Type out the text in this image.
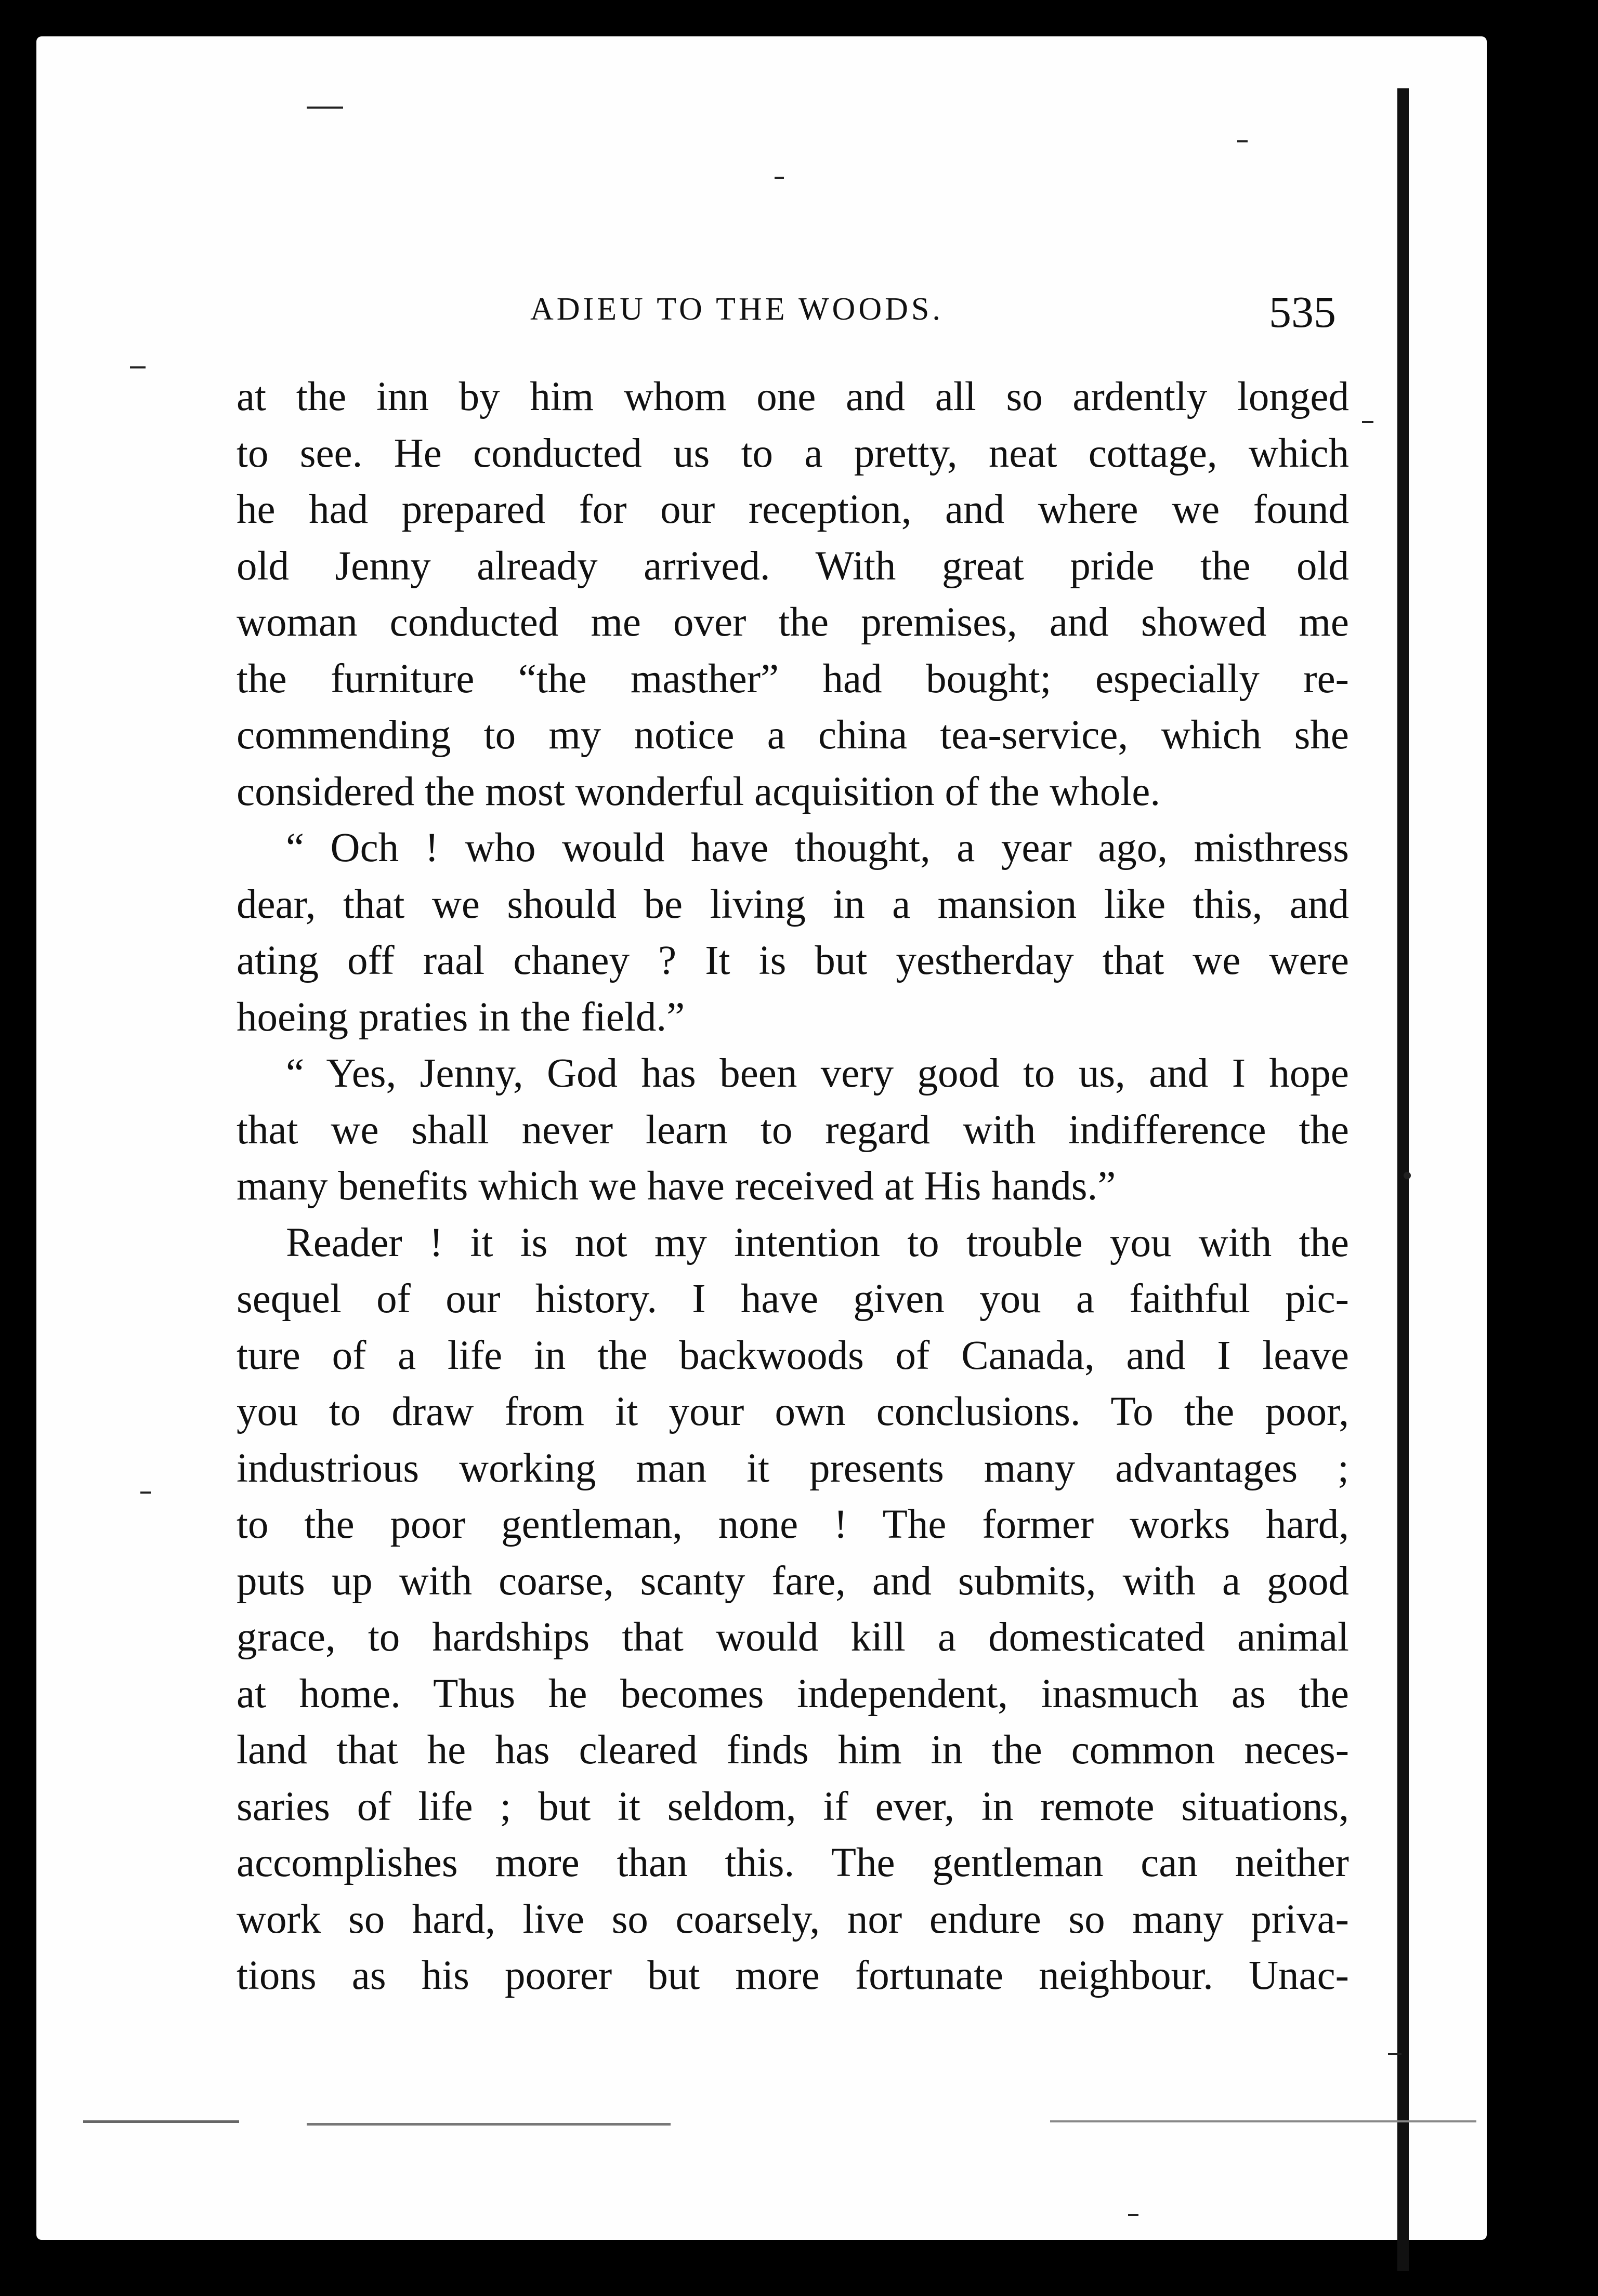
ADIEU TO THE WOODS.	535
at the inn by him whom one and all so ardently longed
to see. He conducted us to a pretty, neat cottage, which
he had prepared for our reception, and where we found
old Jenny already arrived. With great pride the old
woman conducted me over the premises, and showed me
the furniture “the masther” had bought; especially re-
commending to my notice a china tea-service, which she
considered the most wonderful acquisition of the whole.
“ Och ! who would have thought, a year ago, misthress
dear, that we should be living in a mansion like this, and
ating off raal chaney ? It is but yestherday that we were
hoeing praties in the field.”
“ Yes, Jenny, God has been very good to us, and I hope
that we shall never learn to regard with indifference the
many benefits which we have received at His hands.”
Reader ! it is not my intention to trouble you with the
sequel of our history. I have given you a faithful pic-
ture of a life in the backwoods of Canada, and I leave
you to draw from it your own conclusions. To the poor,
industrious working man it presents many advantages ;
to the poor gentleman, none ! The former works hard,
puts up with coarse, scanty fare, and submits, with a good
grace, to hardships that would kill a domesticated animal
at home. Thus he becomes independent, inasmuch as the
land that he has cleared finds him in the common neces-
saries of life ; but it seldom, if ever, in remote situations,
accomplishes more than this. The gentleman can neither
work so hard, live so coarsely, nor endure so many priva-
tions as his poorer but more fortunate neighbour. Unac-
